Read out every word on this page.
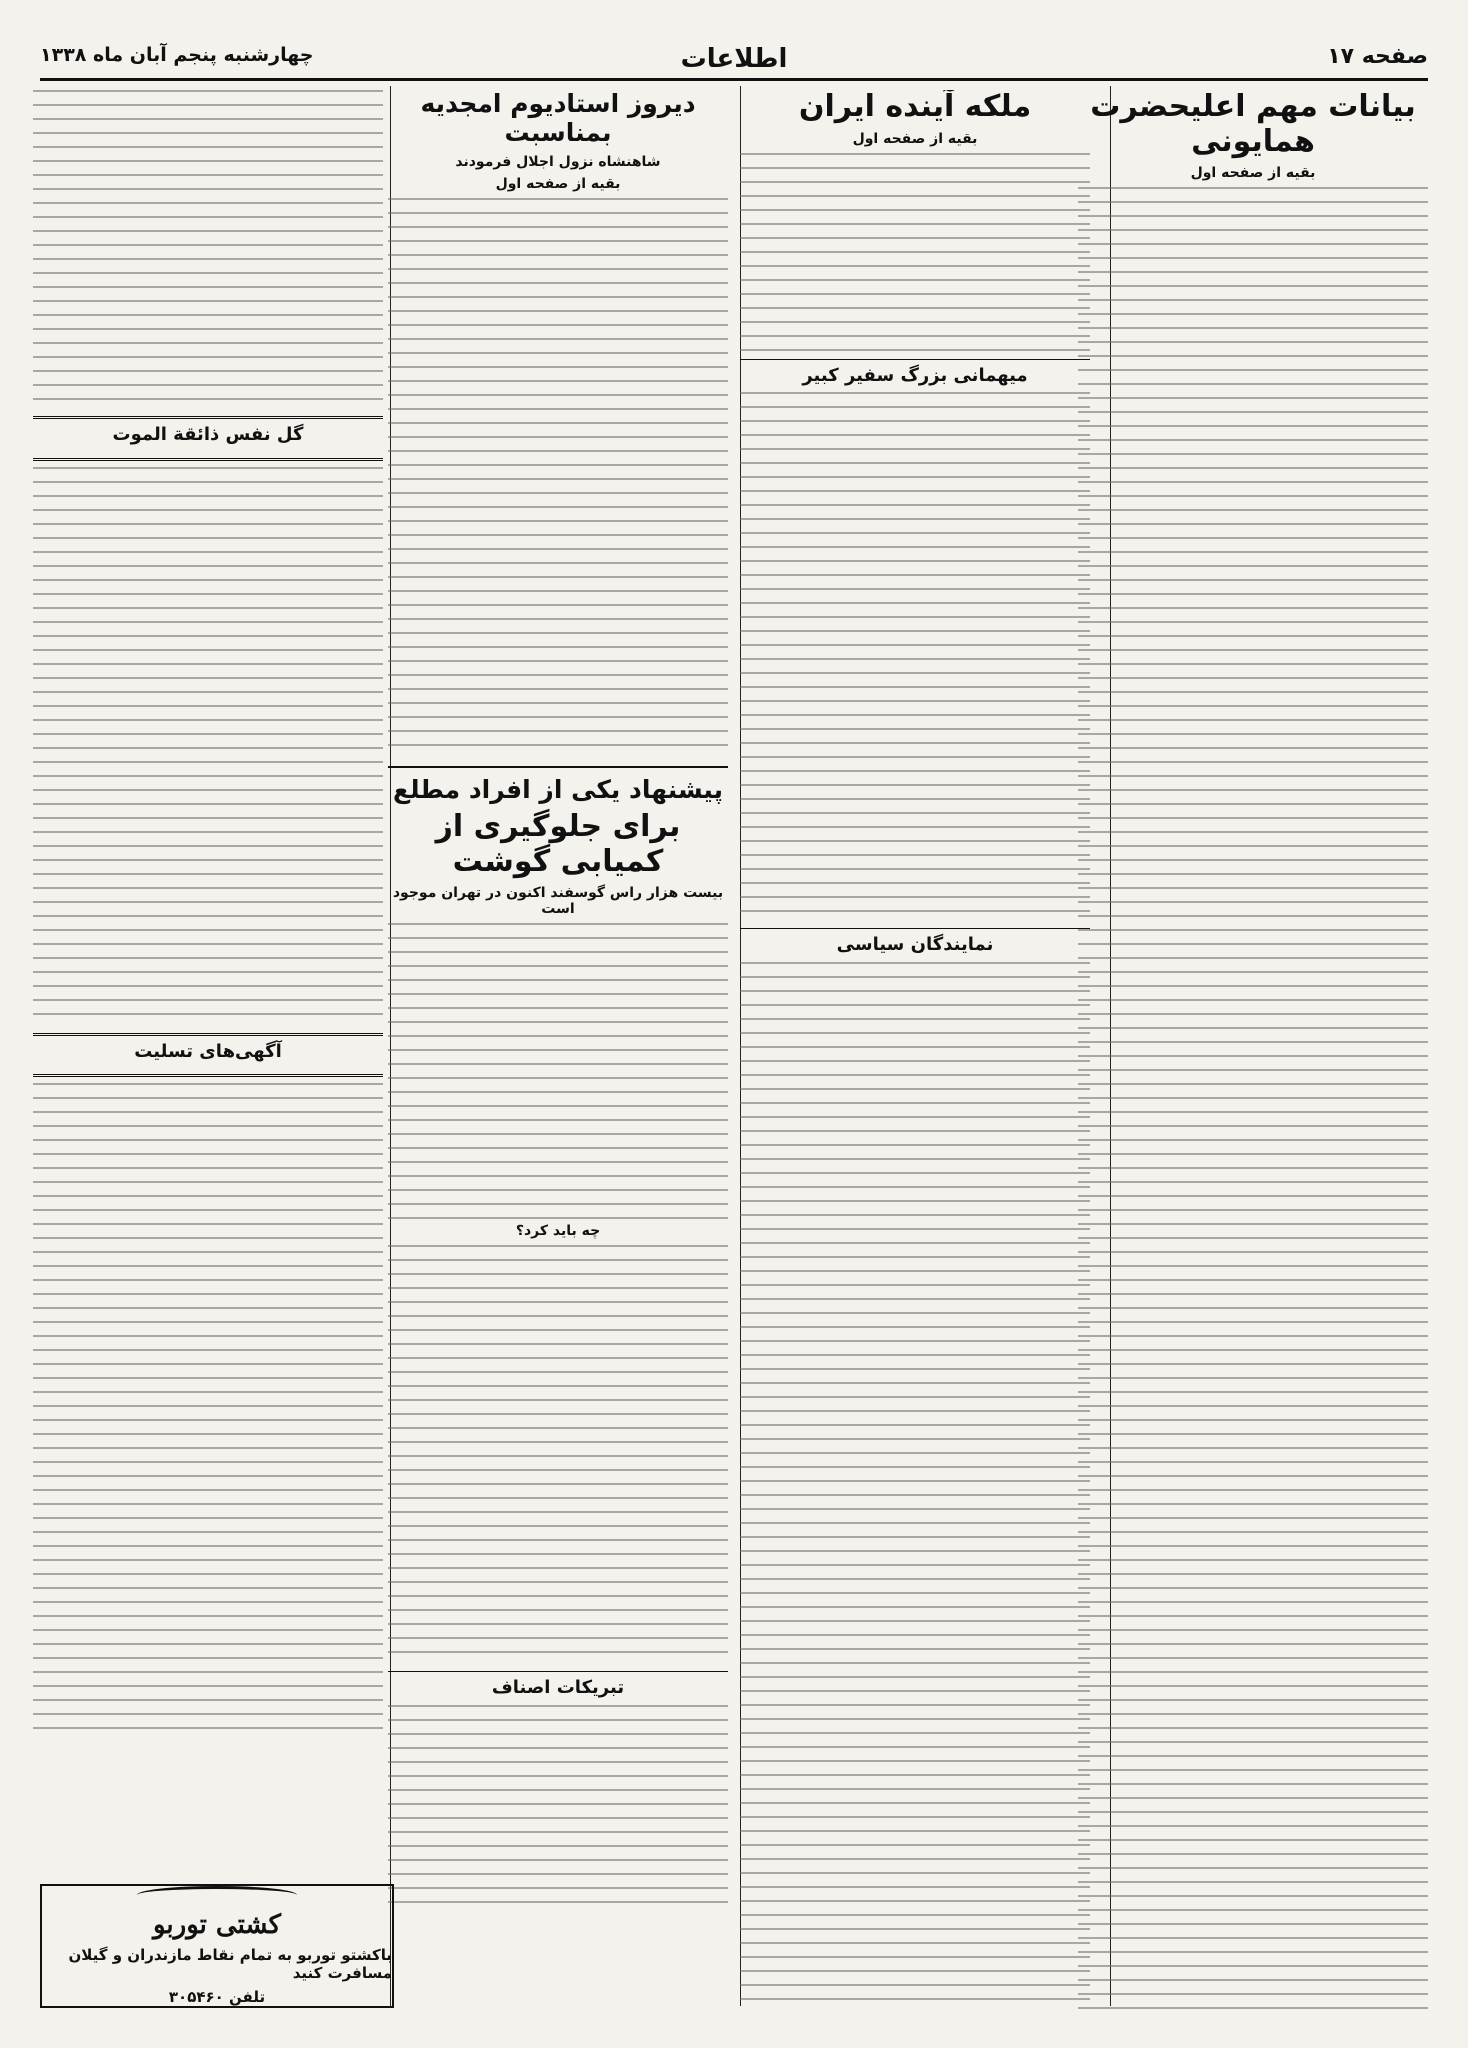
صفحه ۱۷
اطلاعات
چهارشنبه پنجم آبان ماه ۱۳۳۸
بیانات مهم اعلیحضرت همایونی
بقیه از صفحه اول
ملکه آینده ایران
بقیه از صفحه اول
میهمانی بزرگ سفیر کبیر
نمایندگان سیاسی
دیروز استادیوم امجدیه بمناسبت
شاهنشاه نزول اجلال فرمودند
بقیه از صفحه اول
پیشنهاد یکی از افراد مطلع
برای جلوگیری از کمیابی گوشت
بیست هزار راس گوسفند اکنون در تهران موجود است
چه باید کرد؟
تبریکات اصناف
گل نفس ذائقة الموت
آگهی‌های تسلیت
کشتی توربو
باکشتو توربو به تمام نقاط مازندران و گیلان مسافرت کنید
تلفن ۳۰۵۴۶۰
